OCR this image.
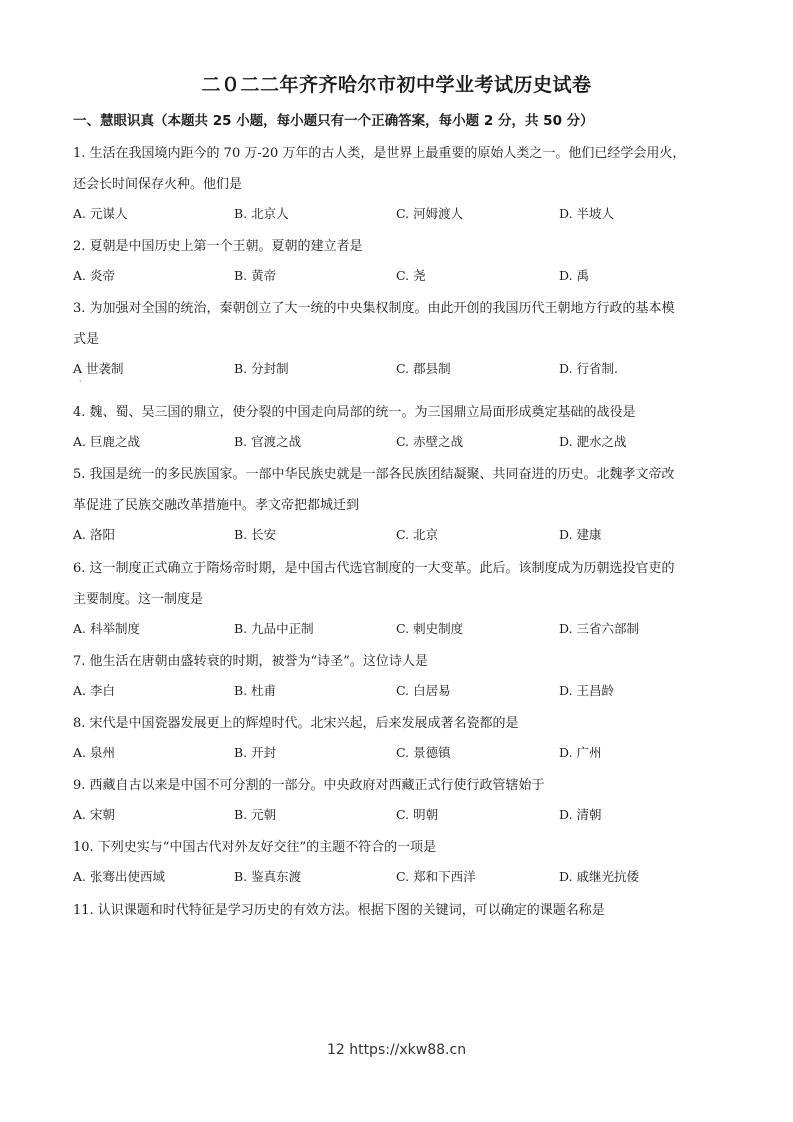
二０二二年齐齐哈尔市初中学业考试历史试卷
一、慧眼识真（本题共 25 小题，每小题只有一个正确答案，每小题 2 分，共 50 分）
1. 生活在我国境内距今的 70 万-20 万年的古人类，是世界上最重要的原始人类之一。他们已经学会用火，
还会长时间保存火种。他们是
A. 元谋人	B. 北京人	C. 河姆渡人	D. 半坡人
2. 夏朝是中国历史上第一个王朝。夏朝的建立者是
A. 炎帝	B. 黄帝	C. 尧	D. 禹
3. 为加强对全国的统治，秦朝创立了大一统的中央集权制度。由此开创的我国历代王朝地方行政的基本模
式是
A 世袭制	B. 分封制	C. 郡县制	D. 行省制.
·
4. 魏、蜀、吴三国的鼎立，使分裂的中国走向局部的统一。为三国鼎立局面形成奠定基础的战役是
A. 巨鹿之战	B. 官渡之战	C. 赤壁之战	D. 淝水之战
5. 我国是统一的多民族国家。一部中华民族史就是一部各民族团结凝聚、共同奋进的历史。北魏孝文帝改
革促进了民族交融改革措施中。孝文帝把都城迁到
A. 洛阳	B. 长安	C. 北京	D. 建康
6. 这一制度正式确立于隋炀帝时期，是中国古代选官制度的一大变革。此后。该制度成为历朝选投官吏的
主要制度。这一制度是
A. 科举制度	B. 九品中正制	C. 刺史制度	D. 三省六部制
7. 他生活在唐朝由盛转衰的时期，被誉为“诗圣”。这位诗人是
A. 李白	B. 杜甫	C. 白居易	D. 王昌龄
8. 宋代是中国瓷器发展更上的辉煌时代。北宋兴起，后来发展成著名瓷都的是
A. 泉州	B. 开封	C. 景德镇	D. 广州
9. 西藏自古以来是中国不可分割的一部分。中央政府对西藏正式行使行政管辖始于
A. 宋朝	B. 元朝	C. 明朝	D. 清朝
10. 下列史实与“中国古代对外友好交往”的主题不符合的一项是
A. 张骞出使西域	B. 鉴真东渡	C. 郑和下西洋	D. 戚继光抗倭
11. 认识课题和时代特征是学习历史的有效方法。根据下图的关键词，可以确定的课题名称是
12 https://xkw88.cn
